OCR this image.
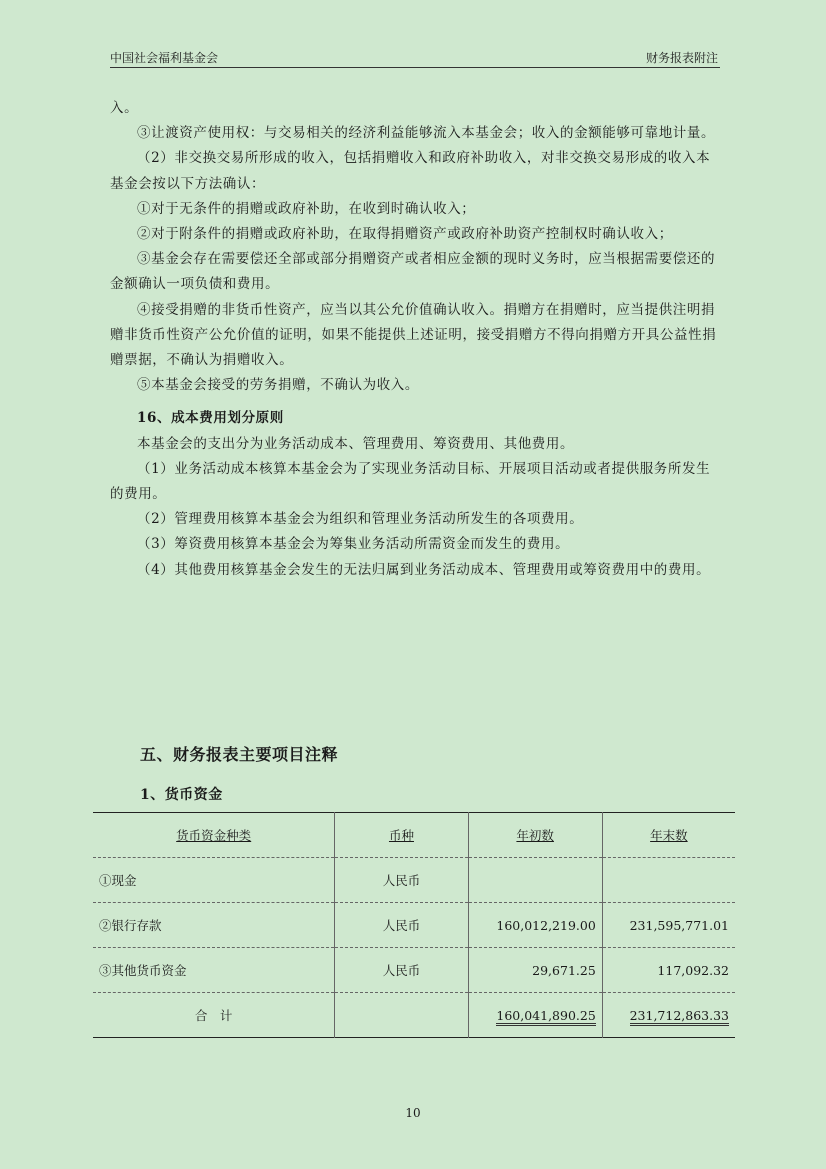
中国社会福利基金会	财务报表附注

入。

③让渡资产使用权：与交易相关的经济利益能够流入本基金会；收入的金额能够可靠地计量。

（2）非交换交易所形成的收入，包括捐赠收入和政府补助收入，对非交换交易形成的收入本基金会按以下方法确认：

①对于无条件的捐赠或政府补助，在收到时确认收入；

②对于附条件的捐赠或政府补助，在取得捐赠资产或政府补助资产控制权时确认收入；

③基金会存在需要偿还全部或部分捐赠资产或者相应金额的现时义务时，应当根据需要偿还的金额确认一项负债和费用。

④接受捐赠的非货币性资产，应当以其公允价值确认收入。捐赠方在捐赠时，应当提供注明捐赠非货币性资产公允价值的证明，如果不能提供上述证明，接受捐赠方不得向捐赠方开具公益性捐赠票据，不确认为捐赠收入。

⑤本基金会接受的劳务捐赠，不确认为收入。

16、成本费用划分原则

本基金会的支出分为业务活动成本、管理费用、筹资费用、其他费用。

（1）业务活动成本核算本基金会为了实现业务活动目标、开展项目活动或者提供服务所发生的费用。

（2）管理费用核算本基金会为组织和管理业务活动所发生的各项费用。

（3）筹资费用核算本基金会为筹集业务活动所需资金而发生的费用。

（4）其他费用核算基金会发生的无法归属到业务活动成本、管理费用或筹资费用中的费用。

五、财务报表主要项目注释
1、货币资金
货币资金种类	币种	年初数	年末数
①现金	人民币		
②银行存款	人民币	160,012,219.00	231,595,771.01
③其他货币资金	人民币	29,671.25	117,092.32
合　计		160,041,890.25	231,712,863.33
10
